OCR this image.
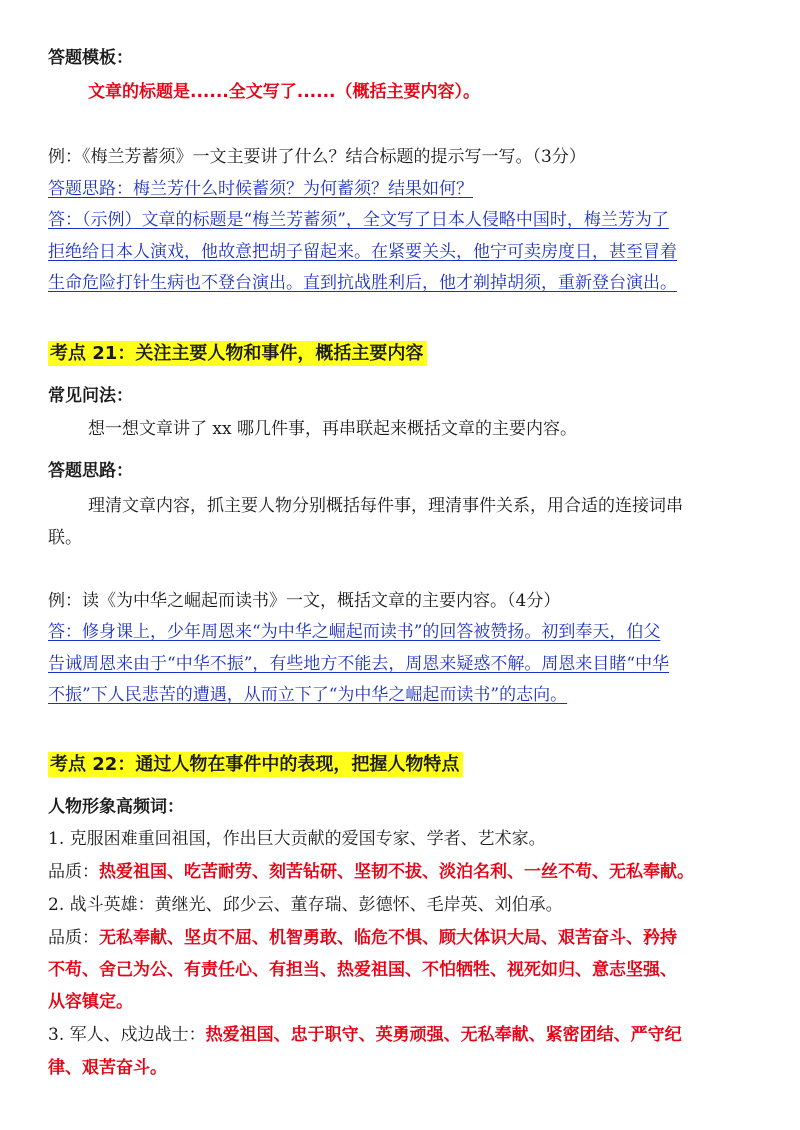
答题模板：
文章的标题是......全文写了......（概括主要内容）。
例：《梅兰芳蓄须》一文主要讲了什么？结合标题的提示写一写。（3分）
答题思路：梅兰芳什么时候蓄须？为何蓄须？结果如何？
答：（示例）文章的标题是“梅兰芳蓄须”，全文写了日本人侵略中国时，梅兰芳为了
拒绝给日本人演戏，他故意把胡子留起来。在紧要关头，他宁可卖房度日，甚至冒着
生命危险打针生病也不登台演出。直到抗战胜利后，他才剃掉胡须，重新登台演出。
考点 21：关注主要人物和事件，概括主要内容
常见问法：
想一想文章讲了 xx 哪几件事，再串联起来概括文章的主要内容。
答题思路：
理清文章内容，抓主要人物分别概括每件事，理清事件关系，用合适的连接词串
联。
例：读《为中华之崛起而读书》一文，概括文章的主要内容。（4分）
答：修身课上，少年周恩来“为中华之崛起而读书”的回答被赞扬。初到奉天，伯父
告诫周恩来由于“中华不振”，有些地方不能去，周恩来疑惑不解。周恩来目睹“中华
不振”下人民悲苦的遭遇，从而立下了“为中华之崛起而读书”的志向。
考点 22：通过人物在事件中的表现，把握人物特点
人物形象高频词：
1. 克服困难重回祖国，作出巨大贡献的爱国专家、学者、艺术家。
品质：热爱祖国、吃苦耐劳、刻苦钻研、坚韧不拔、淡泊名利、一丝不苟、无私奉献。
2. 战斗英雄：黄继光、邱少云、董存瑞、彭德怀、毛岸英、刘伯承。
品质：无私奉献、坚贞不屈、机智勇敢、临危不惧、顾大体识大局、艰苦奋斗、矜持
不苟、舍己为公、有责任心、有担当、热爱祖国、不怕牺牲、视死如归、意志坚强、
从容镇定。
3. 军人、戍边战士：热爱祖国、忠于职守、英勇顽强、无私奉献、紧密团结、严守纪
律、艰苦奋斗。
